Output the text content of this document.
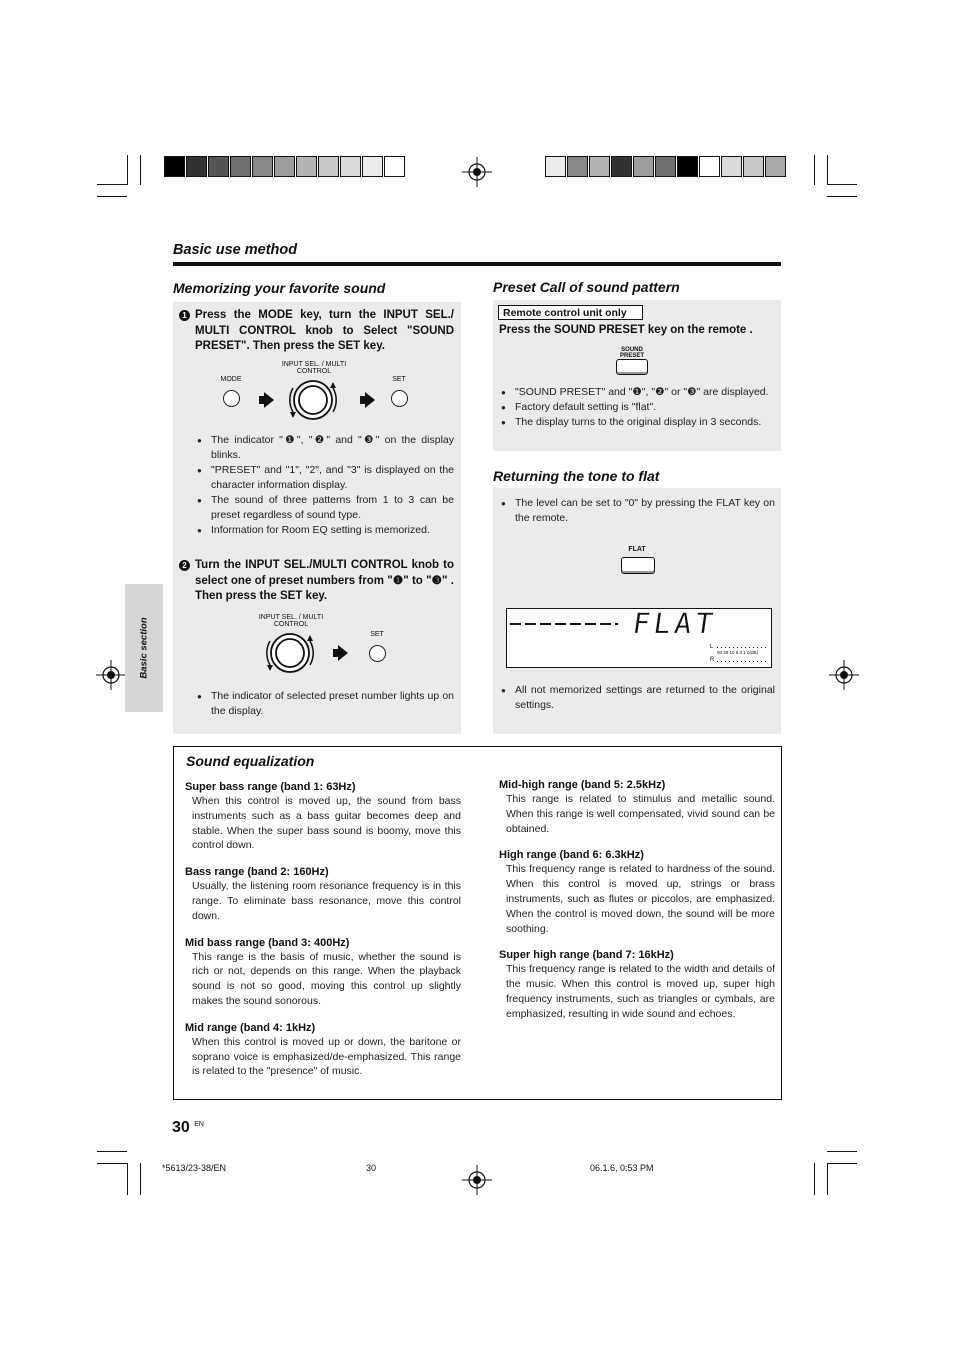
Basic use method
Basic section
Memorizing your favorite sound
1 Press the MODE key, turn the INPUT SEL./ MULTI CONTROL knob to Select "SOUND PRESET". Then press the SET key.
MODE
INPUT SEL. / MULTI CONTROL
SET
● The indicator "❶", "❷" and "❸" on the display blinks.
● "PRESET" and "1", "2", and "3" is displayed on the character information display.
● The sound of three patterns from 1 to 3 can be preset regardless of sound type.
● Information for Room EQ setting is memorized.
2 Turn the INPUT SEL./MULTI CONTROL knob to select one of preset numbers from "❶" to "❸" . Then press the SET key.
INPUT SEL. / MULTI CONTROL
SET
● The indicator of selected preset number lights up on the display.
Preset Call of sound pattern
Remote control unit only
Press the SOUND PRESET key on the remote .
SOUND PRESET
● "SOUND PRESET" and "❶", "❷" or "❸" are displayed.
● Factory default setting is "flat".
● The display turns to the original display in 3 seconds.
Returning the tone to flat
● The level can be set to "0" by pressing the FLAT key on the remote.
FLAT
FLAT
L
00 30 10 6 3 1 0(dB)
R
● All not memorized settings are returned to the original settings.
Sound equalization
Super bass range (band 1: 63Hz)
When this control is moved up, the sound from bass instruments such as a bass guitar becomes deep and stable. When the super bass sound is boomy, move this control down.
Bass range (band 2: 160Hz)
Usually, the listening room resonance frequency is in this range. To eliminate bass resonance, move this control down.
Mid bass range (band 3: 400Hz)
This range is the basis of music, whether the sound is rich or not, depends on this range. When the playback sound is not so good, moving this control up slightly makes the sound sonorous.
Mid range (band 4: 1kHz)
When this control is moved up or down, the baritone or soprano voice is emphasized/de-emphasized. This range is related to the "presence" of music.
Mid-high range (band 5: 2.5kHz)
This range is related to stimulus and metallic sound. When this range is well compensated, vivid sound can be obtained.
High range (band 6: 6.3kHz)
This frequency range is related to hardness of the sound. When this control is moved up, strings or brass instruments, such as flutes or piccolos, are emphasized. When the control is moved down, the sound will be more soothing.
Super high range (band 7: 16kHz)
This frequency range is related to the width and details of the music. When this control is moved up, super high frequency instruments, such as triangles or cymbals, are emphasized, resulting in wide sound and echoes.
30 $^{EN}$
*5613/23-38/EN	30	06.1.6, 0:53 PM
